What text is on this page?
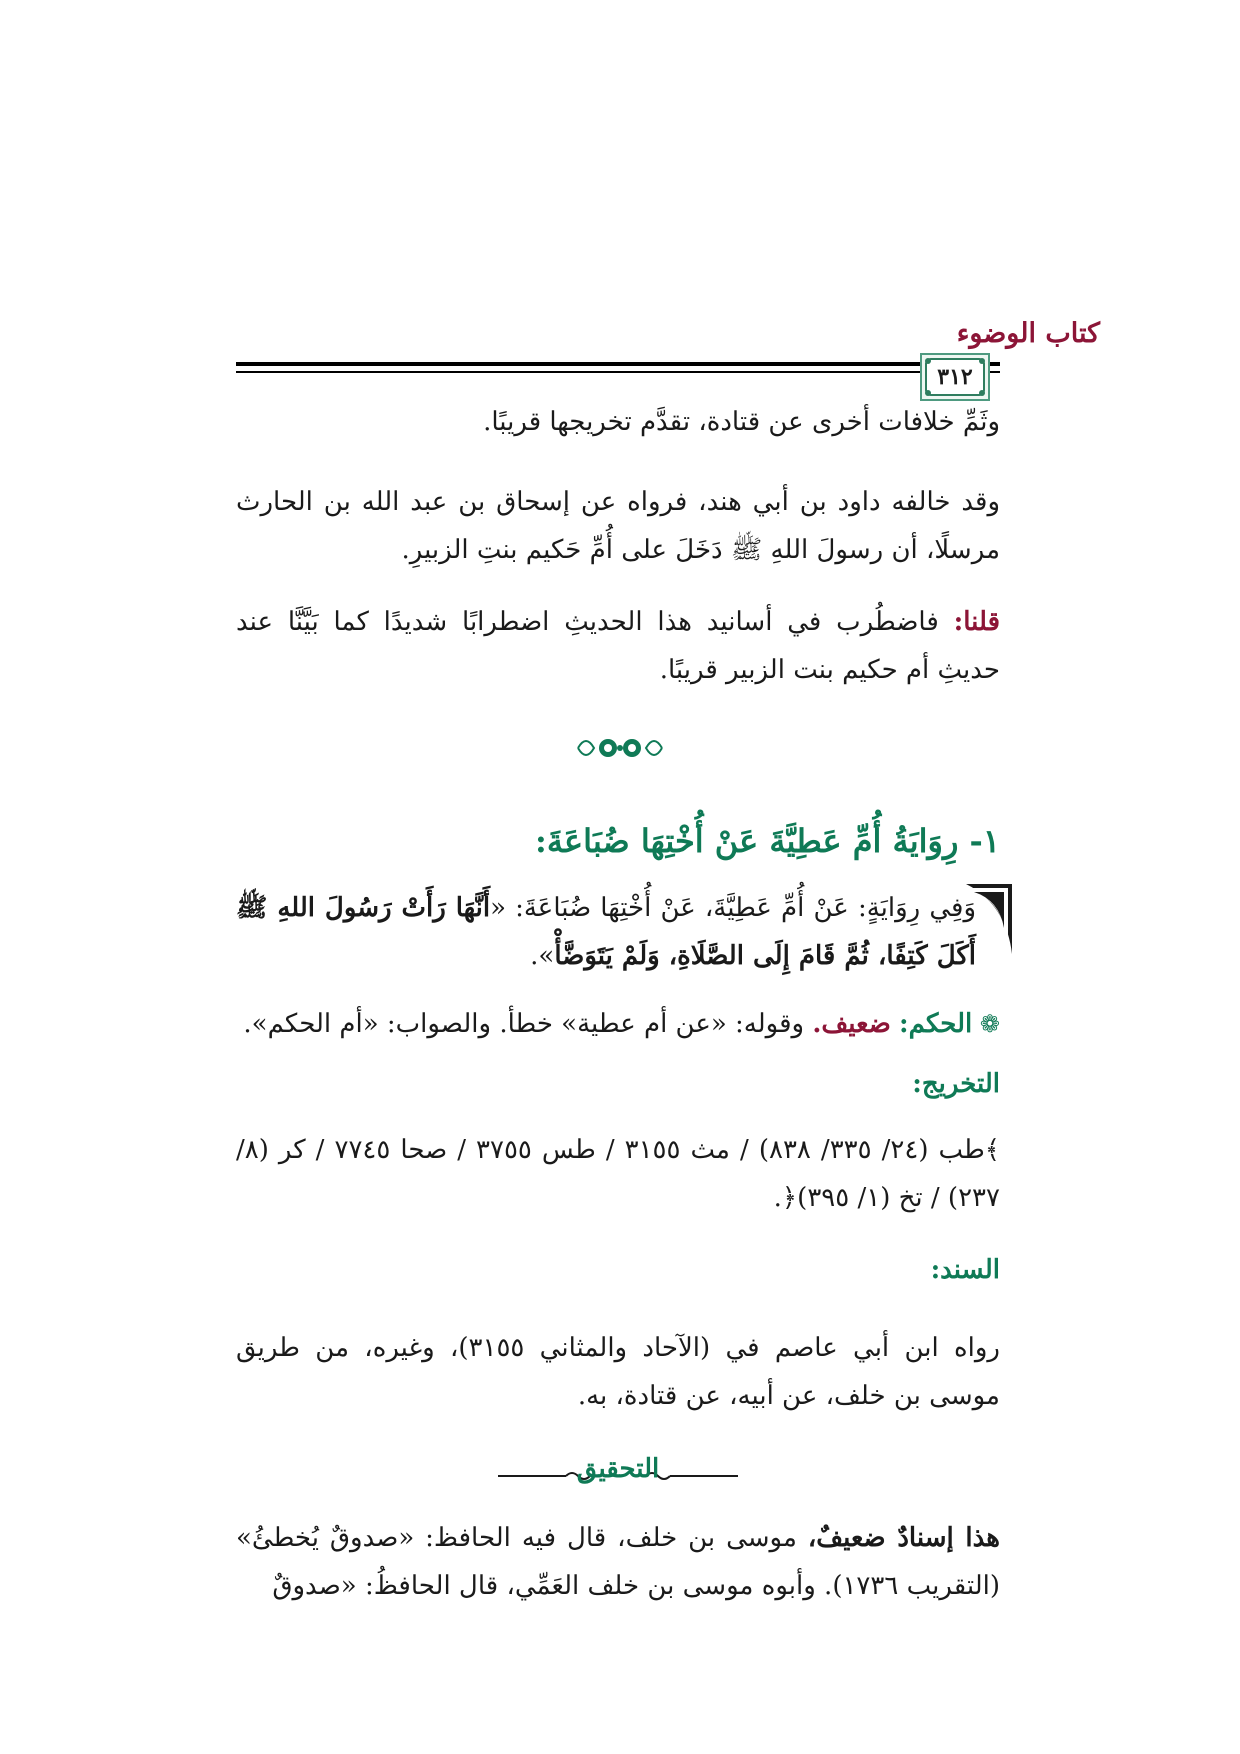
كتاب الوضوء
٣١٢
وثَمِّ خلافات أخرى عن قتادة، تقدَّم تخريجها قريبًا.
وقد خالفه داود بن أبي هند، فرواه عن إسحاق بن عبد الله بن الحارث مرسلًا، أن رسولَ اللهِ ﷺ دَخَلَ على أُمِّ حَكيم بنتِ الزبيرِ.
قلنا: فاضطُرب في أسانيد هذا الحديثِ اضطرابًا شديدًا كما بَيَّنَّا عند حديثِ أم حكيم بنت الزبير قريبًا.
١- رِوَايَةُ أُمِّ عَطِيَّةَ عَنْ أُخْتِهَا ضُبَاعَةَ:
وَفِي رِوَايَةٍ: عَنْ أُمِّ عَطِيَّةَ، عَنْ أُخْتِهَا ضُبَاعَةَ: «أَنَّهَا رَأَتْ رَسُولَ اللهِ ﷺ أَكَلَ كَتِفًا، ثُمَّ قَامَ إِلَى الصَّلَاةِ، وَلَمْ يَتَوَضَّأْ».
❁ الحكم: ضعيف. وقوله: «عن أم عطية» خطأ. والصواب: «أم الحكم».
التخريج:
﴾طب (٢٤/ ٣٣٥/ ٨٣٨) / مث ٣١٥٥ / طس ٣٧٥٥ / صحا ٧٧٤٥ / كر (٨/ ٢٣٧) / تخ (١/ ٣٩٥)﴿.
السند:
رواه ابن أبي عاصم في (الآحاد والمثاني ٣١٥٥)، وغيره، من طريق موسى بن خلف، عن أبيه، عن قتادة، به.
التحقيق
هذا إسنادٌ ضعيفٌ، موسى بن خلف، قال فيه الحافظ: «صدوقٌ يُخطئُ» (التقريب ١٧٣٦). وأبوه موسى بن خلف العَمِّي، قال الحافظُ: «صدوقٌ
